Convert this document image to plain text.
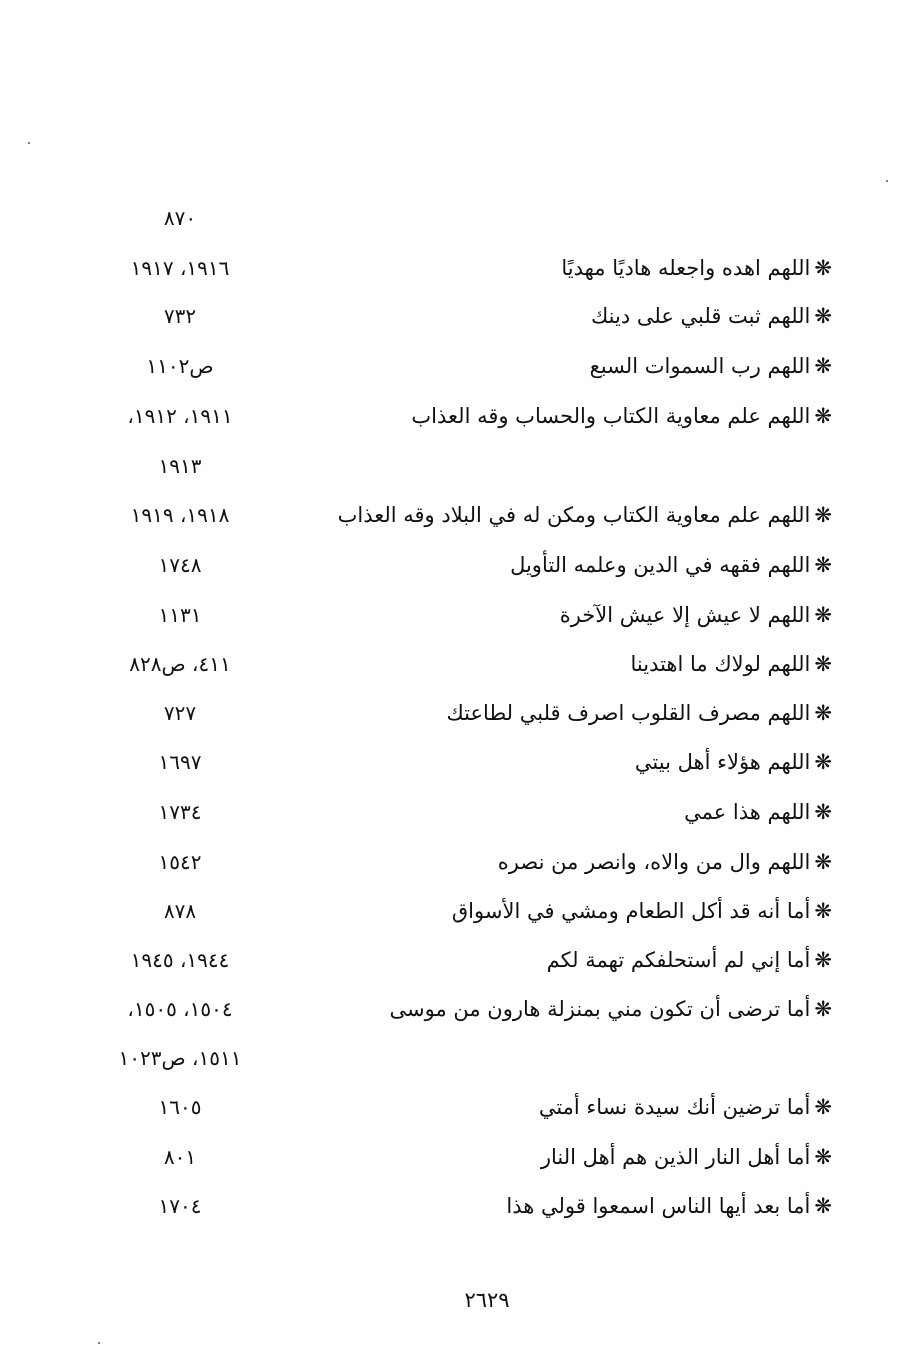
٨٧٠
❋اللهم اهده واجعله هاديًا مهديًا
١٩١٦، ١٩١٧
❋اللهم ثبت قلبي على دينك
٧٣٢
❋اللهم رب السموات السبع
ص١١٠٢
❋اللهم علم معاوية الكتاب والحساب وقه العذاب
١٩١١، ١٩١٢،
١٩١٣
❋اللهم علم معاوية الكتاب ومكن له في البلاد وقه العذاب
١٩١٨، ١٩١٩
❋اللهم فقهه في الدين وعلمه التأويل
١٧٤٨
❋اللهم لا عيش إلا عيش الآخرة
١١٣١
❋اللهم لولاك ما اهتدينا
٤١١، ص٨٢٨
❋اللهم مصرف القلوب اصرف قلبي لطاعتك
٧٢٧
❋اللهم هؤلاء أهل بيتي
١٦٩٧
❋اللهم هذا عمي
١٧٣٤
❋اللهم وال من والاه، وانصر من نصره
١٥٤٢
❋أما أنه قد أكل الطعام ومشي في الأسواق
٨٧٨
❋أما إني لم أستحلفكم تهمة لكم
١٩٤٤، ١٩٤٥
❋أما ترضى أن تكون مني بمنزلة هارون من موسى
١٥٠٤، ١٥٠٥،
١٥١١، ص١٠٢٣
❋أما ترضين أنك سيدة نساء أمتي
١٦٠٥
❋أما أهل النار الذين هم أهل النار
٨٠١
❋أما بعد أيها الناس اسمعوا قولي هذا
١٧٠٤
٢٦٢٩
